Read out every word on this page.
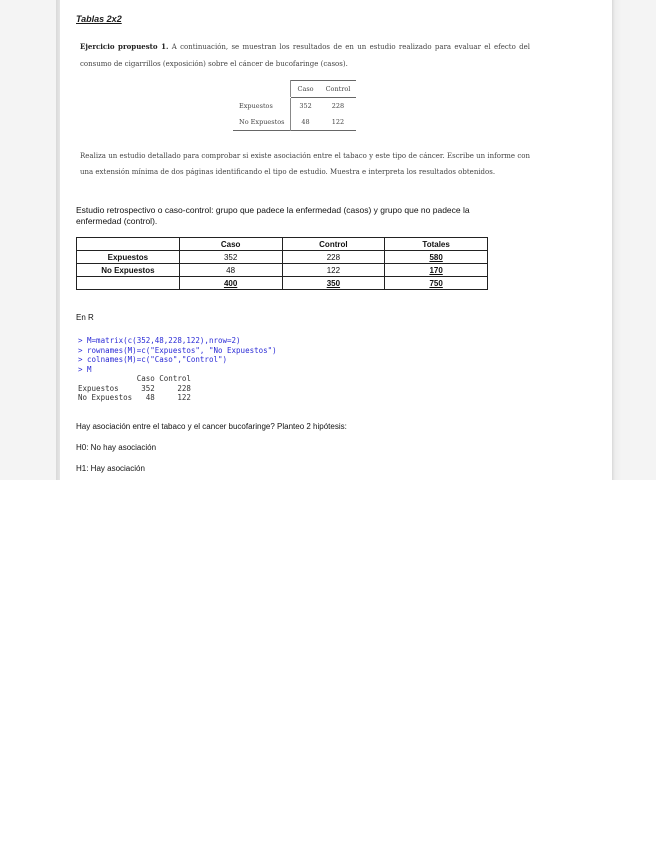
Tablas 2x2

Ejercicio propuesto 1. A continuación, se muestran los resultados de en un estudio realizado para evaluar el efecto del consumo de cigarrillos (exposición) sobre el cáncer de bucofaringe (casos).

	Caso	Control
Expuestos	352	228
No Expuestos	48	122

Realiza un estudio detallado para comprobar si existe asociación entre el tabaco y este tipo de cáncer. Escribe un informe con una extensión mínima de dos páginas identificando el tipo de estudio. Muestra e interpreta los resultados obtenidos.

Estudio retrospectivo o caso-control: grupo que padece la enfermedad (casos) y grupo que no padece la enfermedad (control).

	Caso	Control	Totales
Expuestos	352	228	580
No Expuestos	48	122	170
	400	350	750

En R

> M=matrix(c(352,48,228,122),nrow=2)
> rownames(M)=c("Expuestos", "No Expuestos")
> colnames(M)=c("Caso","Control")
> M
Caso Control
Expuestos     352     228
No Expuestos   48     122

Hay asociación entre el tabaco y el cancer bucofaringe? Planteo 2 hipótesis:

H0: No hay asociación

H1: Hay asociación
